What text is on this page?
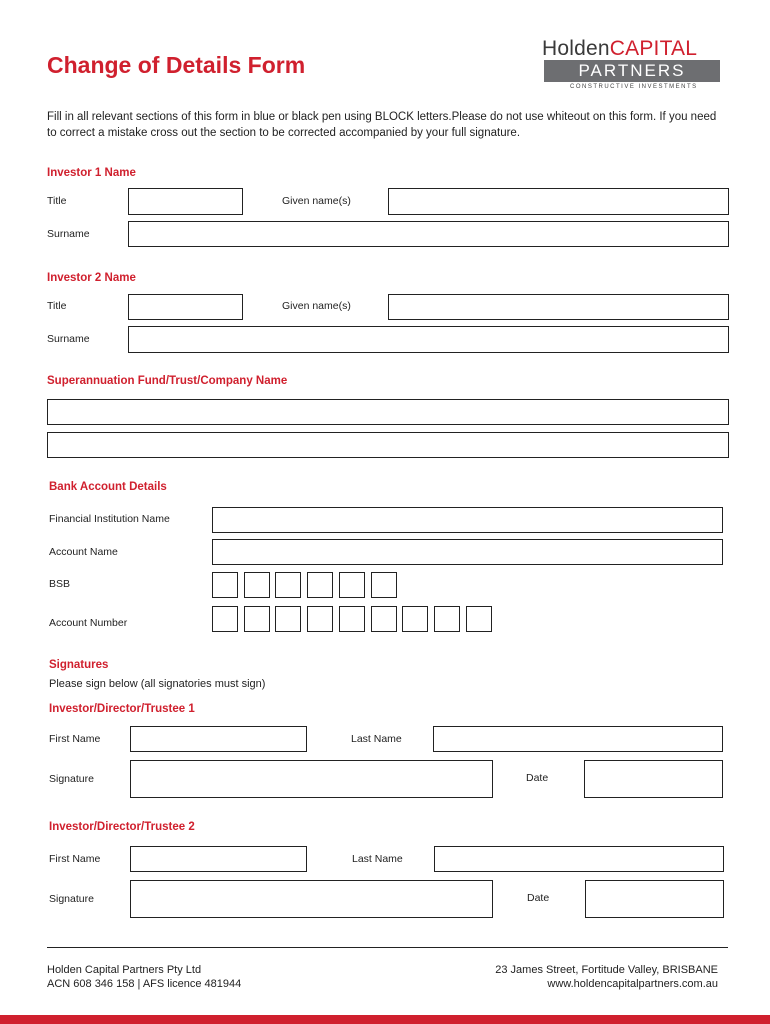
Change of Details Form
HoldenCAPITAL
PARTNERS
CONSTRUCTIVE INVESTMENTS
Fill in all relevant sections of this form in blue or black pen using BLOCK letters.Please do not use whiteout on this form. If you need to correct a mistake cross out the section to be corrected accompanied by your full signature.
Investor 1 Name
Title	Given name(s)
Surname
Investor 2 Name
Title	Given name(s)
Surname
Superannuation Fund/Trust/Company Name
Bank Account Details
Financial Institution Name
Account Name
BSB
Account Number
Signatures
Please sign below (all signatories must sign)
Investor/Director/Trustee 1
First Name	Last Name
Signature	Date
Investor/Director/Trustee 2
First Name	Last Name
Signature	Date
Holden Capital Partners Pty Ltd
ACN 608 346 158 | AFS licence 481944
23 James Street, Fortitude Valley, BRISBANE
www.holdencapitalpartners.com.au
